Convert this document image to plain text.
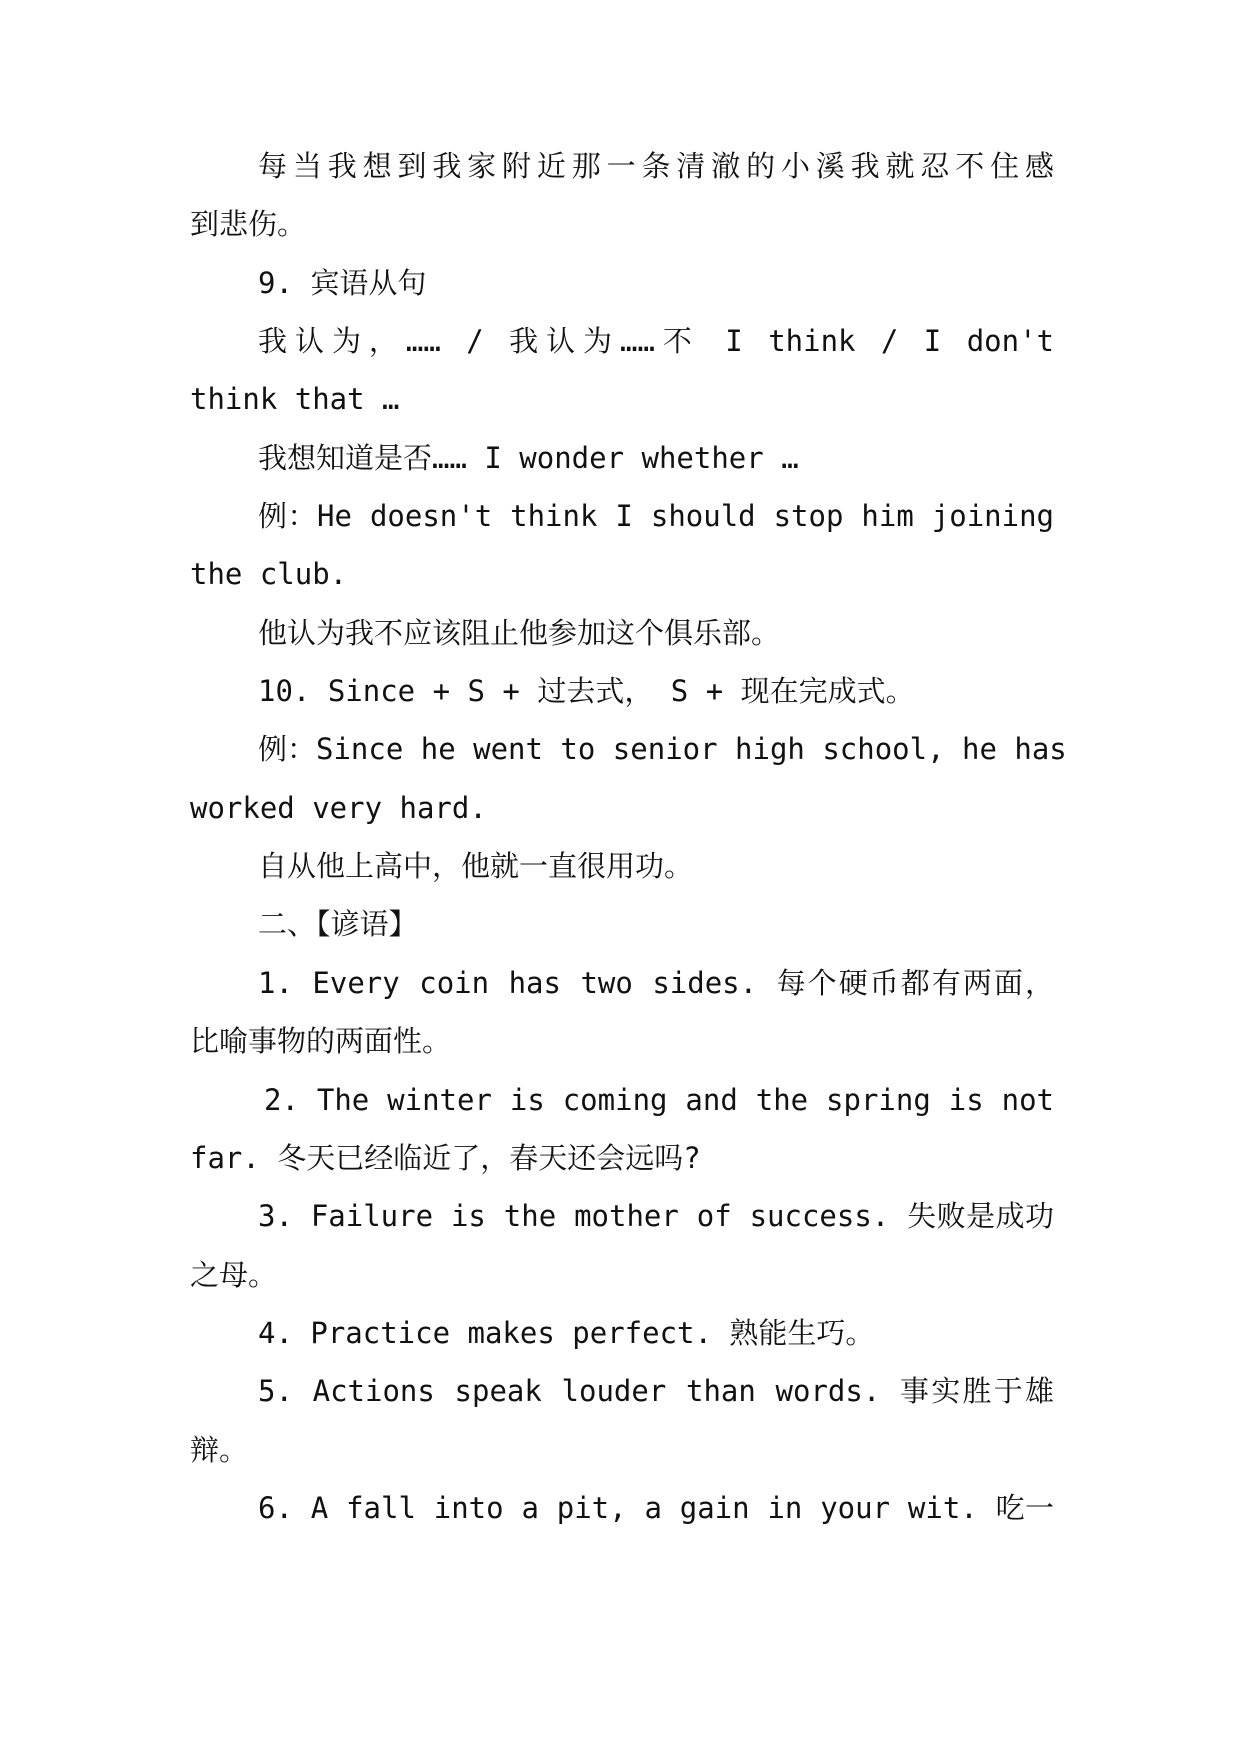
每当我想到我家附近那一条清澈的小溪我就忍不住感
到悲伤。
9. 宾语从句
我认为，…… / 我认为……不 I think / I don't
think that …
我想知道是否…… I wonder whether …
例：He doesn't think I should stop him joining
the club.
他认为我不应该阻止他参加这个俱乐部。
10. Since + S + 过去式， S + 现在完成式。
例：Since he went to senior high school, he has
worked very hard.
自从他上高中，他就一直很用功。
二、【谚语】
1. Every coin has two sides. 每个硬币都有两面，
比喻事物的两面性。
2. The winter is coming and the spring is not
far. 冬天已经临近了，春天还会远吗?
3. Failure is the mother of success. 失败是成功
之母。
4. Practice makes perfect. 熟能生巧。
5. Actions speak louder than words. 事实胜于雄
辩。
6. A fall into a pit, a gain in your wit. 吃一
